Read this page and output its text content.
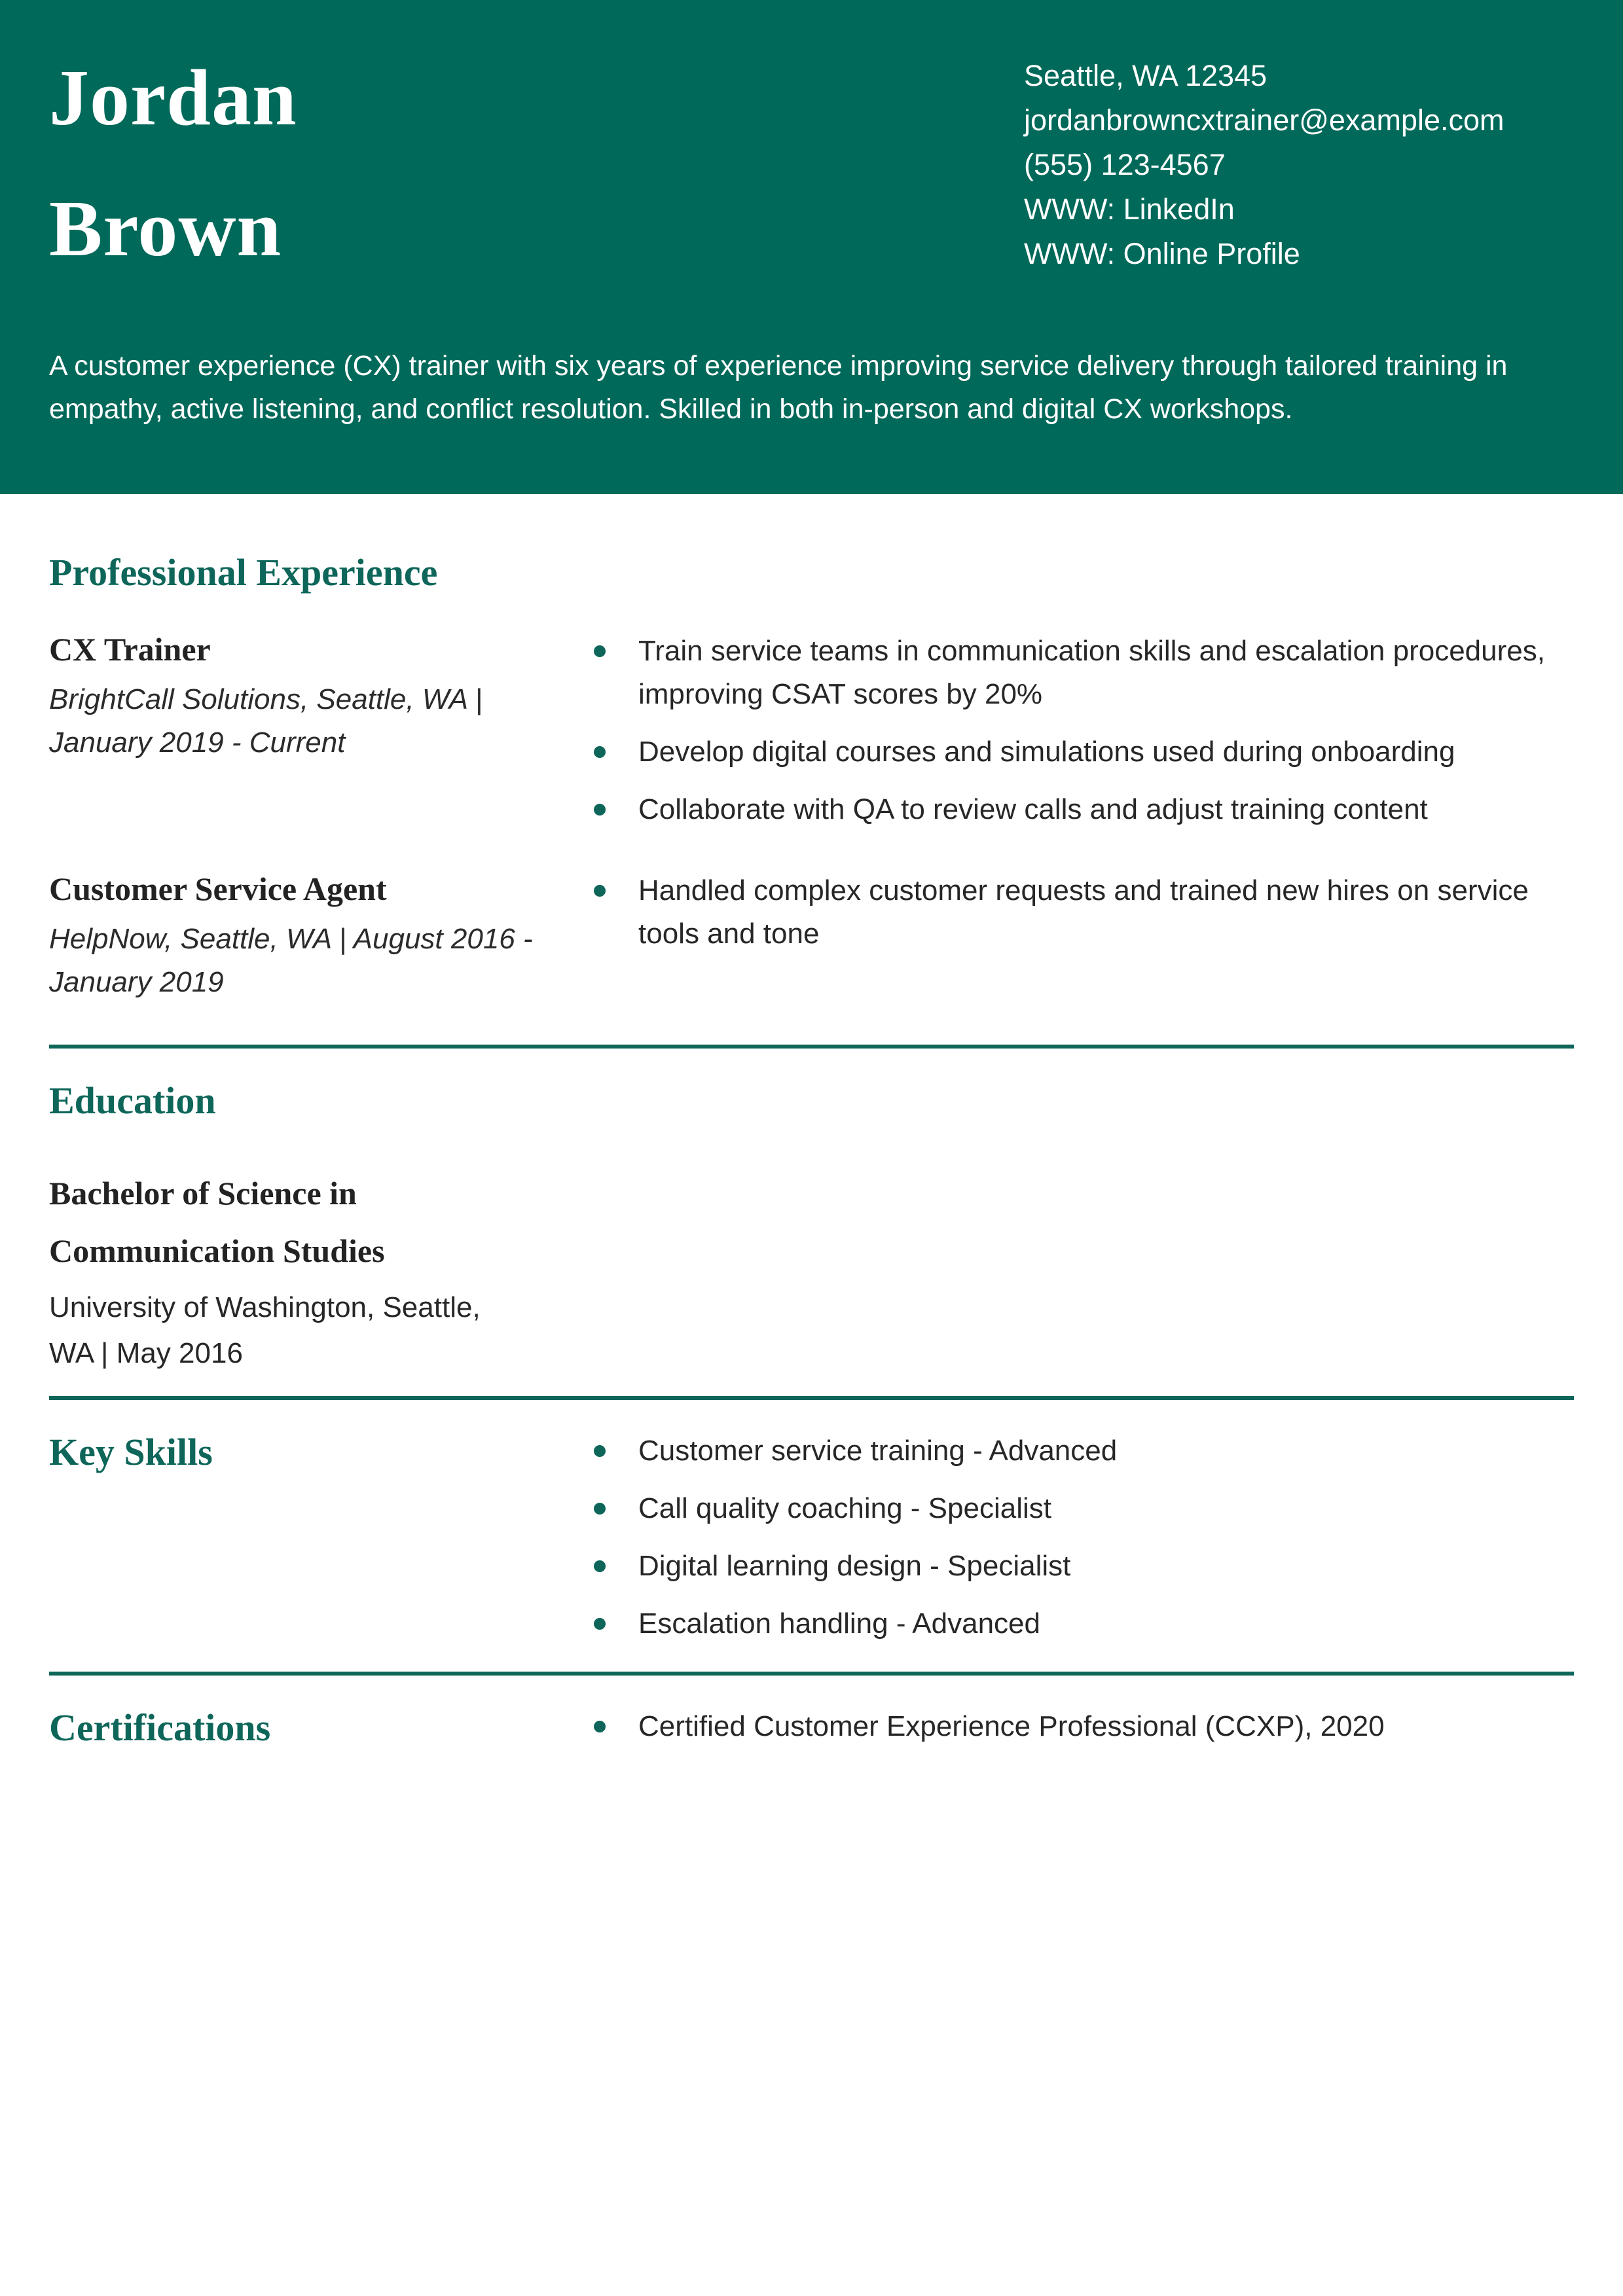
Jordan
Brown
Seattle, WA 12345
jordanbrowncxtrainer@example.com
(555) 123-4567
WWW: LinkedIn
WWW: Online Profile

A customer experience (CX) trainer with six years of experience improving service delivery through tailored training in empathy, active listening, and conflict resolution. Skilled in both in-person and digital CX workshops.

Professional Experience
CX Trainer

BrightCall Solutions, Seattle, WA | January 2019 - Current

Train service teams in communication skills and escalation procedures, improving CSAT scores by 20%
Develop digital courses and simulations used during onboarding
Collaborate with QA to review calls and adjust training content
Customer Service Agent

HelpNow, Seattle, WA | August 2016 - January 2019

Handled complex customer requests and trained new hires on service tools and tone
Education
Bachelor of Science in Communication Studies

University of Washington, Seattle, WA | May 2016

Key Skills	Customer service training - Advanced
Call quality coaching - Specialist
Digital learning design - Specialist
Escalation handling - Advanced
Certifications	Certified Customer Experience Professional (CCXP), 2020
